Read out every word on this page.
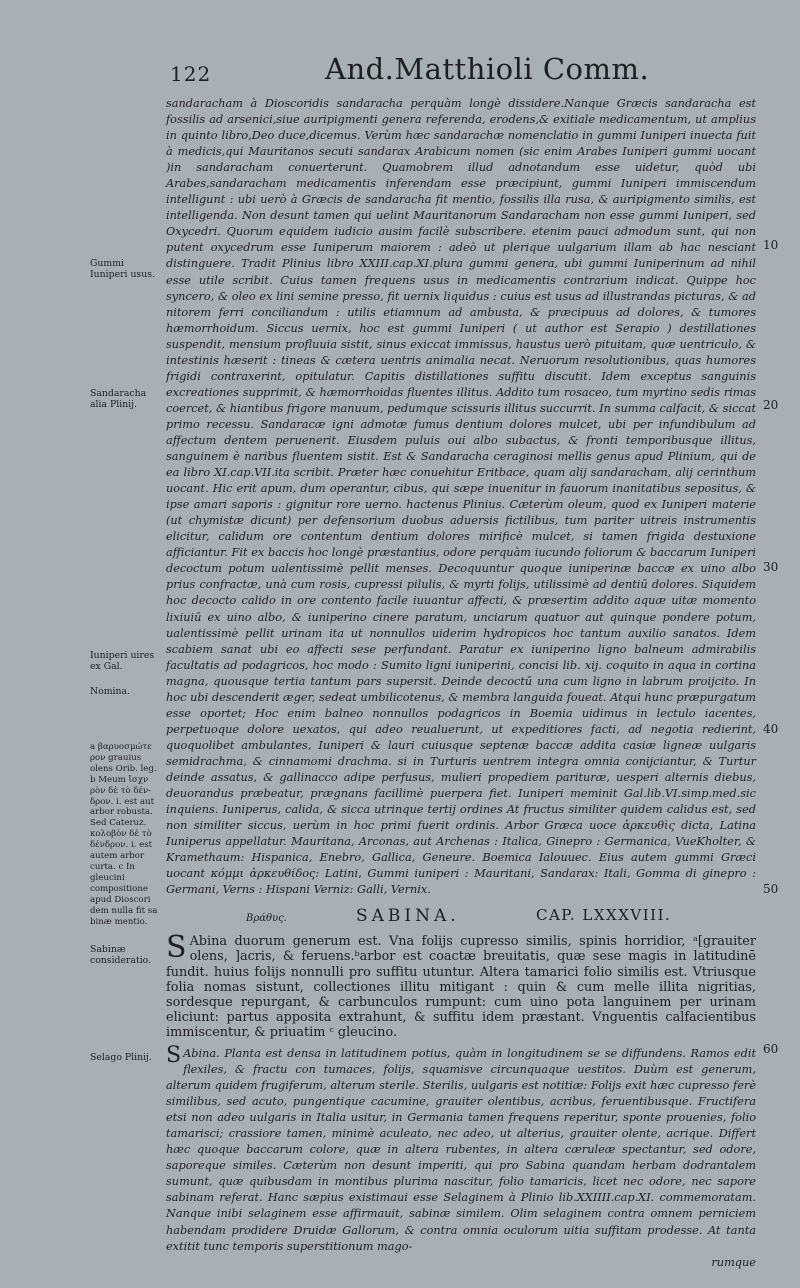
122	And.Matthioli Comm.

sandaracham à Dioscoridis sandaracha perquàm longè dissidere.Nanque Græcis sandaracha est fossilis ad arsenici,siue auripigmenti genera referenda, erodens,& exitiale medicamentum, ut amplius in quinto libro,Deo duce,dicemus. Verùm hæc sandarachæ nomenclatio in gummi Iuniperi inuecta fuit à medicis,qui Mauritanos secuti sandarax Arabicum nomen (sic enim Arabes Iuniperi gummi uocant )in sandaracham conuerterunt. Quamobrem illud adnotandum esse uidetur, quòd ubi Arabes,sandaracham medicamentis inferendam esse præcipiunt, gummi Iuniperi immiscendum intelligunt : ubi uerò à Græcis de sandaracha fit mentio, fossilis illa rusa, & auripigmento similis, est intelligenda. Non desunt tamen qui uelint Mauritanorum Sandaracham non esse gummi Iuniperi, sed Oxycedri. Quorum equidem iudicio ausim facilè subscribere. etenim pauci admodum sunt, qui non putent oxycedrum esse Iuniperum maiorem : adeò ut plerique uulgarium illam ab hac nesciant distinguere. Tradit Plinius libro XXIII.cap.XI.plura gummi genera, ubi gummi Iuniperinum ad nihil esse utile scribit. Cuius tamen frequens usus in medicamentis contrarium indicat. Quippe hoc syncero, & oleo ex lini semine presso, fit uernix liquidus : cuius est usus ad illustrandas picturas, & ad nitorem ferri conciliandum : utilis etiamnum ad ambusta, & præcipuus ad dolores, & tumores hæmorrhoidum. Siccus uernix, hoc est gummi Iuniperi ( ut author est Serapio ) destillationes suspendit, mensium profluuia sistit, sinus exiccat immissus, haustus uerò pituitam, quæ uentriculo, & intestinis hæserit : tineas & cætera uentris animalia necat. Neruorum resolutionibus, quas humores frigidi contraxerint, opitulatur. Capitis distillationes suffitu discutit. Idem exceptus sanguinis excreationes supprimit, & hæmorrhoidas fluentes illitus. Addito tum rosaceo, tum myrtino sedis rimas coercet, & hiantibus frigore manuum, pedumque scissuris illitus succurrit. In summa calfacit, & siccat primo recessu. Sandaracæ igni admotæ fumus dentium dolores mulcet, ubi per infundibulum ad affectum dentem peruenerit. Eiusdem puluis oui albo subactus, & fronti temporibusque illitus, sanguinem è naribus fluentem sistit. Est & Sandaracha ceraginosi mellis genus apud Plinium, qui de ea libro XI.cap.VII.ita scribit. Præter hæc conuehitur Eritbace, quam alij sandaracham, alij cerinthum uocant. Hic erit apum, dum operantur, cibus, qui sæpe inuenitur in fauorum inanitatibus sepositus, & ipse amari saporis : gignitur rore uerno. hactenus Plinius. Cæterùm oleum, quod ex Iuniperi materie (ut chymistæ dicunt) per defensorium duobus aduersis fictilibus, tum pariter uitreis instrumentis elicitur, calidum ore contentum dentium dolores mirificè mulcet, si tamen frigida destuxione afficiantur. Fit ex baccis hoc longè præstantius, odore perquàm iucundo foliorum & baccarum Iuniperi decoctum potum ualentissimè pellit menses. Decoquuntur quoque iuniperinæ baccæ ex uino albo prius confractæ, unà cum rosis, cupressi pilulis, & myrti folijs, utilissimè ad dentiū dolores. Siquidem hoc decocto calido in ore contento facile iuuantur affecti, & præsertim addito aquæ uitæ momento lixiuiū ex uino albo, & iuniperino cinere paratum, unciarum quatuor aut quinque pondere potum, ualentissimè pellit urinam ita ut nonnullos uiderim hydropicos hoc tantum auxilio sanatos. Idem scabiem sanat ubi eo affecti sese perfundant. Paratur ex iuniperino ligno balneum admirabilis facultatis ad podagricos, hoc modo : Sumito ligni iuniperini, concisi lib. xij. coquito in aqua in cortina magna, quousque tertia tantum pars supersit. Deinde decoctū una cum ligno in labrum proijcito. In hoc ubi descenderit æger, sedeat umbilicotenus, & membra languida foueat. Atqui hunc præpurgatum esse oportet; Hoc enim balneo nonnullos podagricos in Boemia uidimus in lectulo iacentes, perpetuoque dolore uexatos, qui adeo reualuerunt, ut expeditiores facti, ad negotia redierint, quoquolibet ambulantes, Iuniperi & lauri cuiusque septenæ baccæ addita casiæ ligneæ uulgaris semidrachma, & cinnamomi drachma. si in Turturis uentrem integra omnia conijciantur, & Turtur deinde assatus, & gallinacco adipe perfusus, mulieri propediem parituræ, uesperi alternis diebus, deuorandus præbeatur, prægnans facillimè puerpera fiet. Iuniperi meminit Gal.lib.VI.simp.med.sic inquiens. Iuniperus, calida, & sicca utrinque tertij ordines At fructus similiter quidem calidus est, sed non similiter siccus, uerùm in hoc primi fuerit ordinis. Arbor Græca uoce ἀρκευθὶς dicta, Latina Iuniperus appellatur. Mauritana, Arconas, aut Archenas : Italica, Ginepro : Germanica, VueKholter, & Kramethaum: Hispanica, Enebro, Gallica, Geneure. Boemica Ialouuec. Eius autem gummi Græci uocant κόμμι ἀρκευθίδος: Latini, Gummi iuniperi : Mauritani, Sandarax: Itali, Gomma di ginepro : Germani, Verns : Hispani Verniz: Galli, Vernix.

Βράθυς.	SABINA.	CAP. LXXXVIII.

S Abina duorum generum est. Vna folijs cupresso similis, spinis horridior, ᵃ[grauiter olens, ]acris, & feruens.ᵇarbor est coactæ breuitatis, quæ sese magis in latitudinē fundit. huius folijs nonnulli pro suffitu utuntur. Altera tamarici folio similis est. Vtriusque folia nomas sistunt, collectiones illitu mitigant : quin & cum melle illita nigritias, sordesque repurgant, & carbunculos rumpunt: cum uino pota languinem per urinam eliciunt: partus apposita extrahunt, & suffitu idem præstant. Vnguentis calfacientibus immiscentur, & priuatim ᶜ gleucino.

S Abina. Planta est densa in latitudinem potius, quàm in longitudinem se se diffundens. Ramos edit flexiles, & fractu con tumaces, folijs, squamisve circunquaque uestitos. Duùm est generum, alterum quidem frugiferum, alterum sterile. Sterilis, uulgaris est notitiæ: Folijs exit hæc cupresso ferè similibus, sed acuto, pungentique cacumine, grauiter olentibus, acribus, feruentibusque. Fructifera etsi non adeo uulgaris in Italia usitur, in Germania tamen frequens reperitur, sponte prouenies, folio tamarisci; crassiore tamen, minimè aculeato, nec adeo, ut alterius, grauiter olente, acrique. Differt hæc quoque baccarum colore, quæ in altera rubentes, in altera cæruleæ spectantur, sed odore, saporeque similes. Cæterùm non desunt imperiti, qui pro Sabina quandam herbam dodrantalem sumunt, quæ quibusdam in montibus plurima nascitur, folio tamaricis, licet nec odore, nec sapore sabinam referat. Hanc sæpius existimaui esse Selaginem à Plinio lib.XXIIII.cap.XI. commemoratam. Nanque inibi selaginem esse affirmauit, sabinæ similem. Olim selaginem contra omnem perniciem habendam prodidere Druidæ Gallorum, & contra omnia oculorum uitia suffitam prodesse. At tanta extitit tunc temporis superstitionum mago-

rumque
Gummi Iuniperi usus.
Sandaracha alia Plinij.
Iuniperi uires ex Gal.
Nomina.
a βαρυοσμώτε ρον grauius olens Orib. leg. b Meum ἴσχν ρὸν δὲ τὸ δέν- δρον. i. est aut arbor robusta. Sed Cateruz. κολοβὸν δὲ τὸ δένδρον. i. est autem arbor curta. c In gleucini compositione apud Dioscori dem nulla fit sa binæ mentio.
Sabinæ consideratio.
Selago Plinij.
10
20
30
40
50
60
